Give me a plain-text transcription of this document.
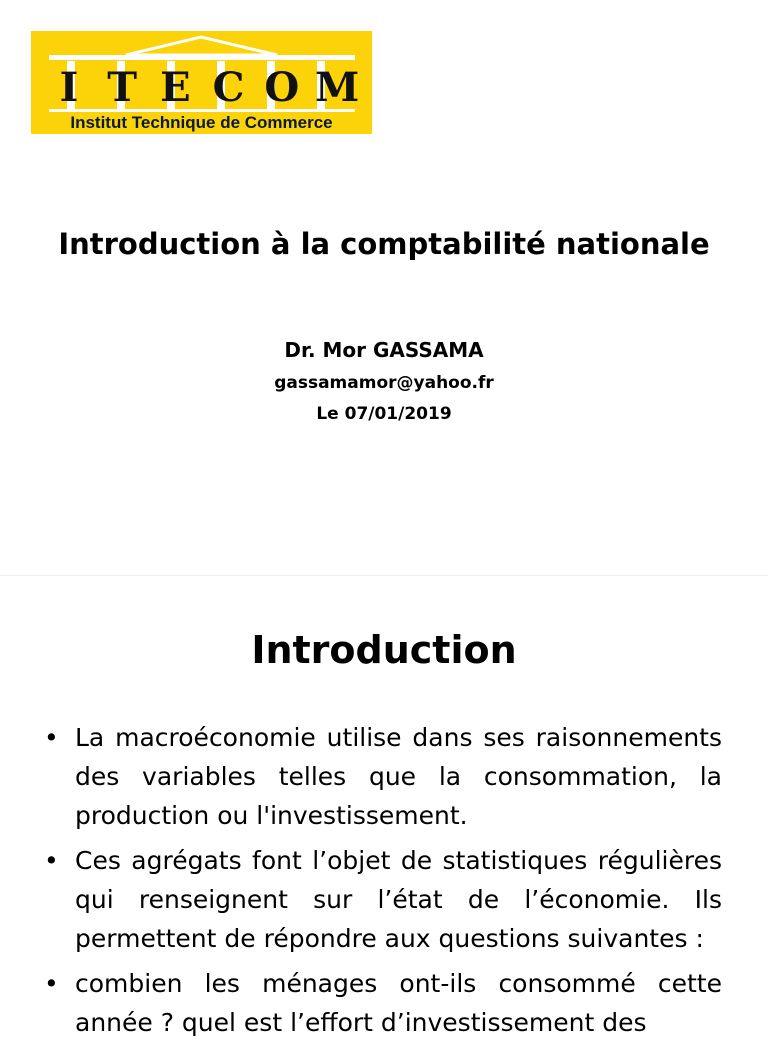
I T E C O M
Institut Technique de Commerce
Introduction à la comptabilité nationale
Dr. Mor GASSAMA
gassamamor@yahoo.fr
Le 07/01/2019
Introduction
• La macroéconomie utilise dans ses raisonnements des variables telles que la consommation, la production ou l'investissement.
• Ces agrégats font l’objet de statistiques régulières qui renseignent sur l’état de l’économie. Ils permettent de répondre aux questions suivantes :
• combien les ménages ont-ils consommé cette année ? quel est l’effort d’investissement des
